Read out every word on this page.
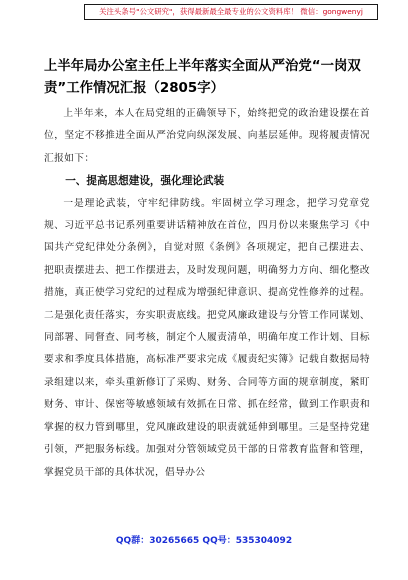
关注头条号"公文研究"，获得最新最全最专业的公文资料库！ 微信：gongwenyj
上半年局办公室主任上半年落实全面从严治党“一岗双责”工作情况汇报（2805字）

上半年来，本人在局党组的正确领导下，始终把党的政治建设摆在首位，坚定不移推进全面从严治党向纵深发展、向基层延伸。现将履责情况汇报如下：

一、提高思想建设，强化理论武装

一是理论武装，守牢纪律防线。牢固树立学习理念，把学习党章党规、习近平总书记系列重要讲话精神放在首位，四月份以来聚焦学习《中国共产党纪律处分条例》，自觉对照《条例》各项规定，把自己摆进去、把职责摆进去、把工作摆进去，及时发现问题，明确努力方向、细化整改措施，真正使学习党纪的过程成为增强纪律意识、提高党性修养的过程。二是强化责任落实，夯实职责底线。把党风廉政建设与分管工作同谋划、同部署、同督查、同考核，制定个人履责清单，明确年度工作计划、目标要求和季度具体措施，高标准严要求完成《履责纪实簿》记载自数据局特录组建以来，牵头重新修订了采购、财务、合同等方面的规章制度，紧盯财务、审计、保密等敏感领域有效抓在日常、抓在经常，做到工作职责和掌握的权力管到哪里，党风廉政建设的职责就延伸到哪里。三是坚持党建引领，严把服务标线。加强对分管领域党员干部的日常教育监督和管理，掌握党员干部的具体状况，倡导办公

QQ群：30265665 QQ号：535304092
